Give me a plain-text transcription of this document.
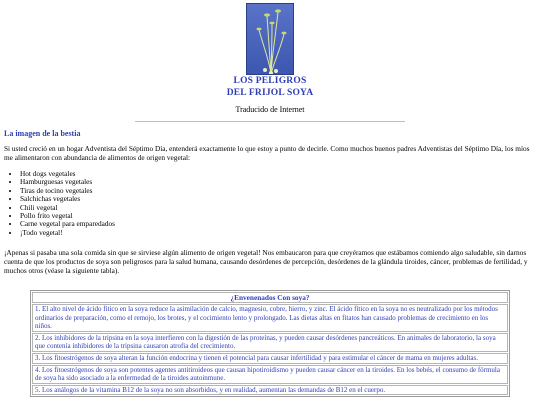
LOS PELIGROS
DEL FRIJOL SOYA
Traducido de Internet
La imagen de la bestia
Si usted creció en un hogar Adventista del Séptimo Día, entenderá exactamente lo que estoy a punto de decirle. Como muchos buenos padres Adventistas del Séptimo Día, los míos me alimentaron con abundancia de alimentos de origen vegetal:
• Hot dogs vegetales
• Hamburguesas vegetales
• Tiras de tocino vegetales
• Salchichas vegetales
• Chili vegetal
• Pollo frito vegetal
• Carne vegetal para emparedados
• ¡Todo vegetal!
¡Apenas si pasaba una sola comida sin que se sirviese algún alimento de origen vegetal! Nos embaucaron para que creyéramos que estábamos comiendo algo saludable, sin darnos cuenta de que los productos de soya son peligrosos para la salud humana, causando desórdenes de percepción, desórdenes de la glándula tiroides, cáncer, problemas de fertilidad, y muchos otros (véase la siguiente tabla).
¿Envenenados Con soya?
1. El alto nivel de ácido fítico en la soya reduce la asimilación de calcio, magnesio, cobre, hierro, y zinc. El ácido fítico en la soya no es neutralizado por los métodos ordinarios de preparación, como el remojo, los brotes, y el cocimiento lento y prolongado. Las dietas altas en fitatos han causado problemas de crecimiento en los niños.
2. Los inhibidores de la tripsina en la soya interfieren con la digestión de las proteínas, y pueden causar desórdenes pancreáticos. En animales de laboratorio, la soya que contenía inhibidores de la tripsina causaron atrofia del crecimiento.
3. Los fitoestrógenos de soya alteran la función endocrina y tienen el potencial para causar infertilidad y para estimular el cáncer de mama en mujeres adultas.
4. Los fitoestrógenos de soya son potentes agentes antitiroideos que causan hipotiroidismo y pueden causar cáncer en la tiroides. En los bebés, el consumo de fórmula de soya ha sido asociado a la enfermedad de la tiroides autoinmune.
5. Los análogos de la vitamina B12 de la soya no son absorbidos, y en realidad, aumentan las demandas de B12 en el cuerpo.
